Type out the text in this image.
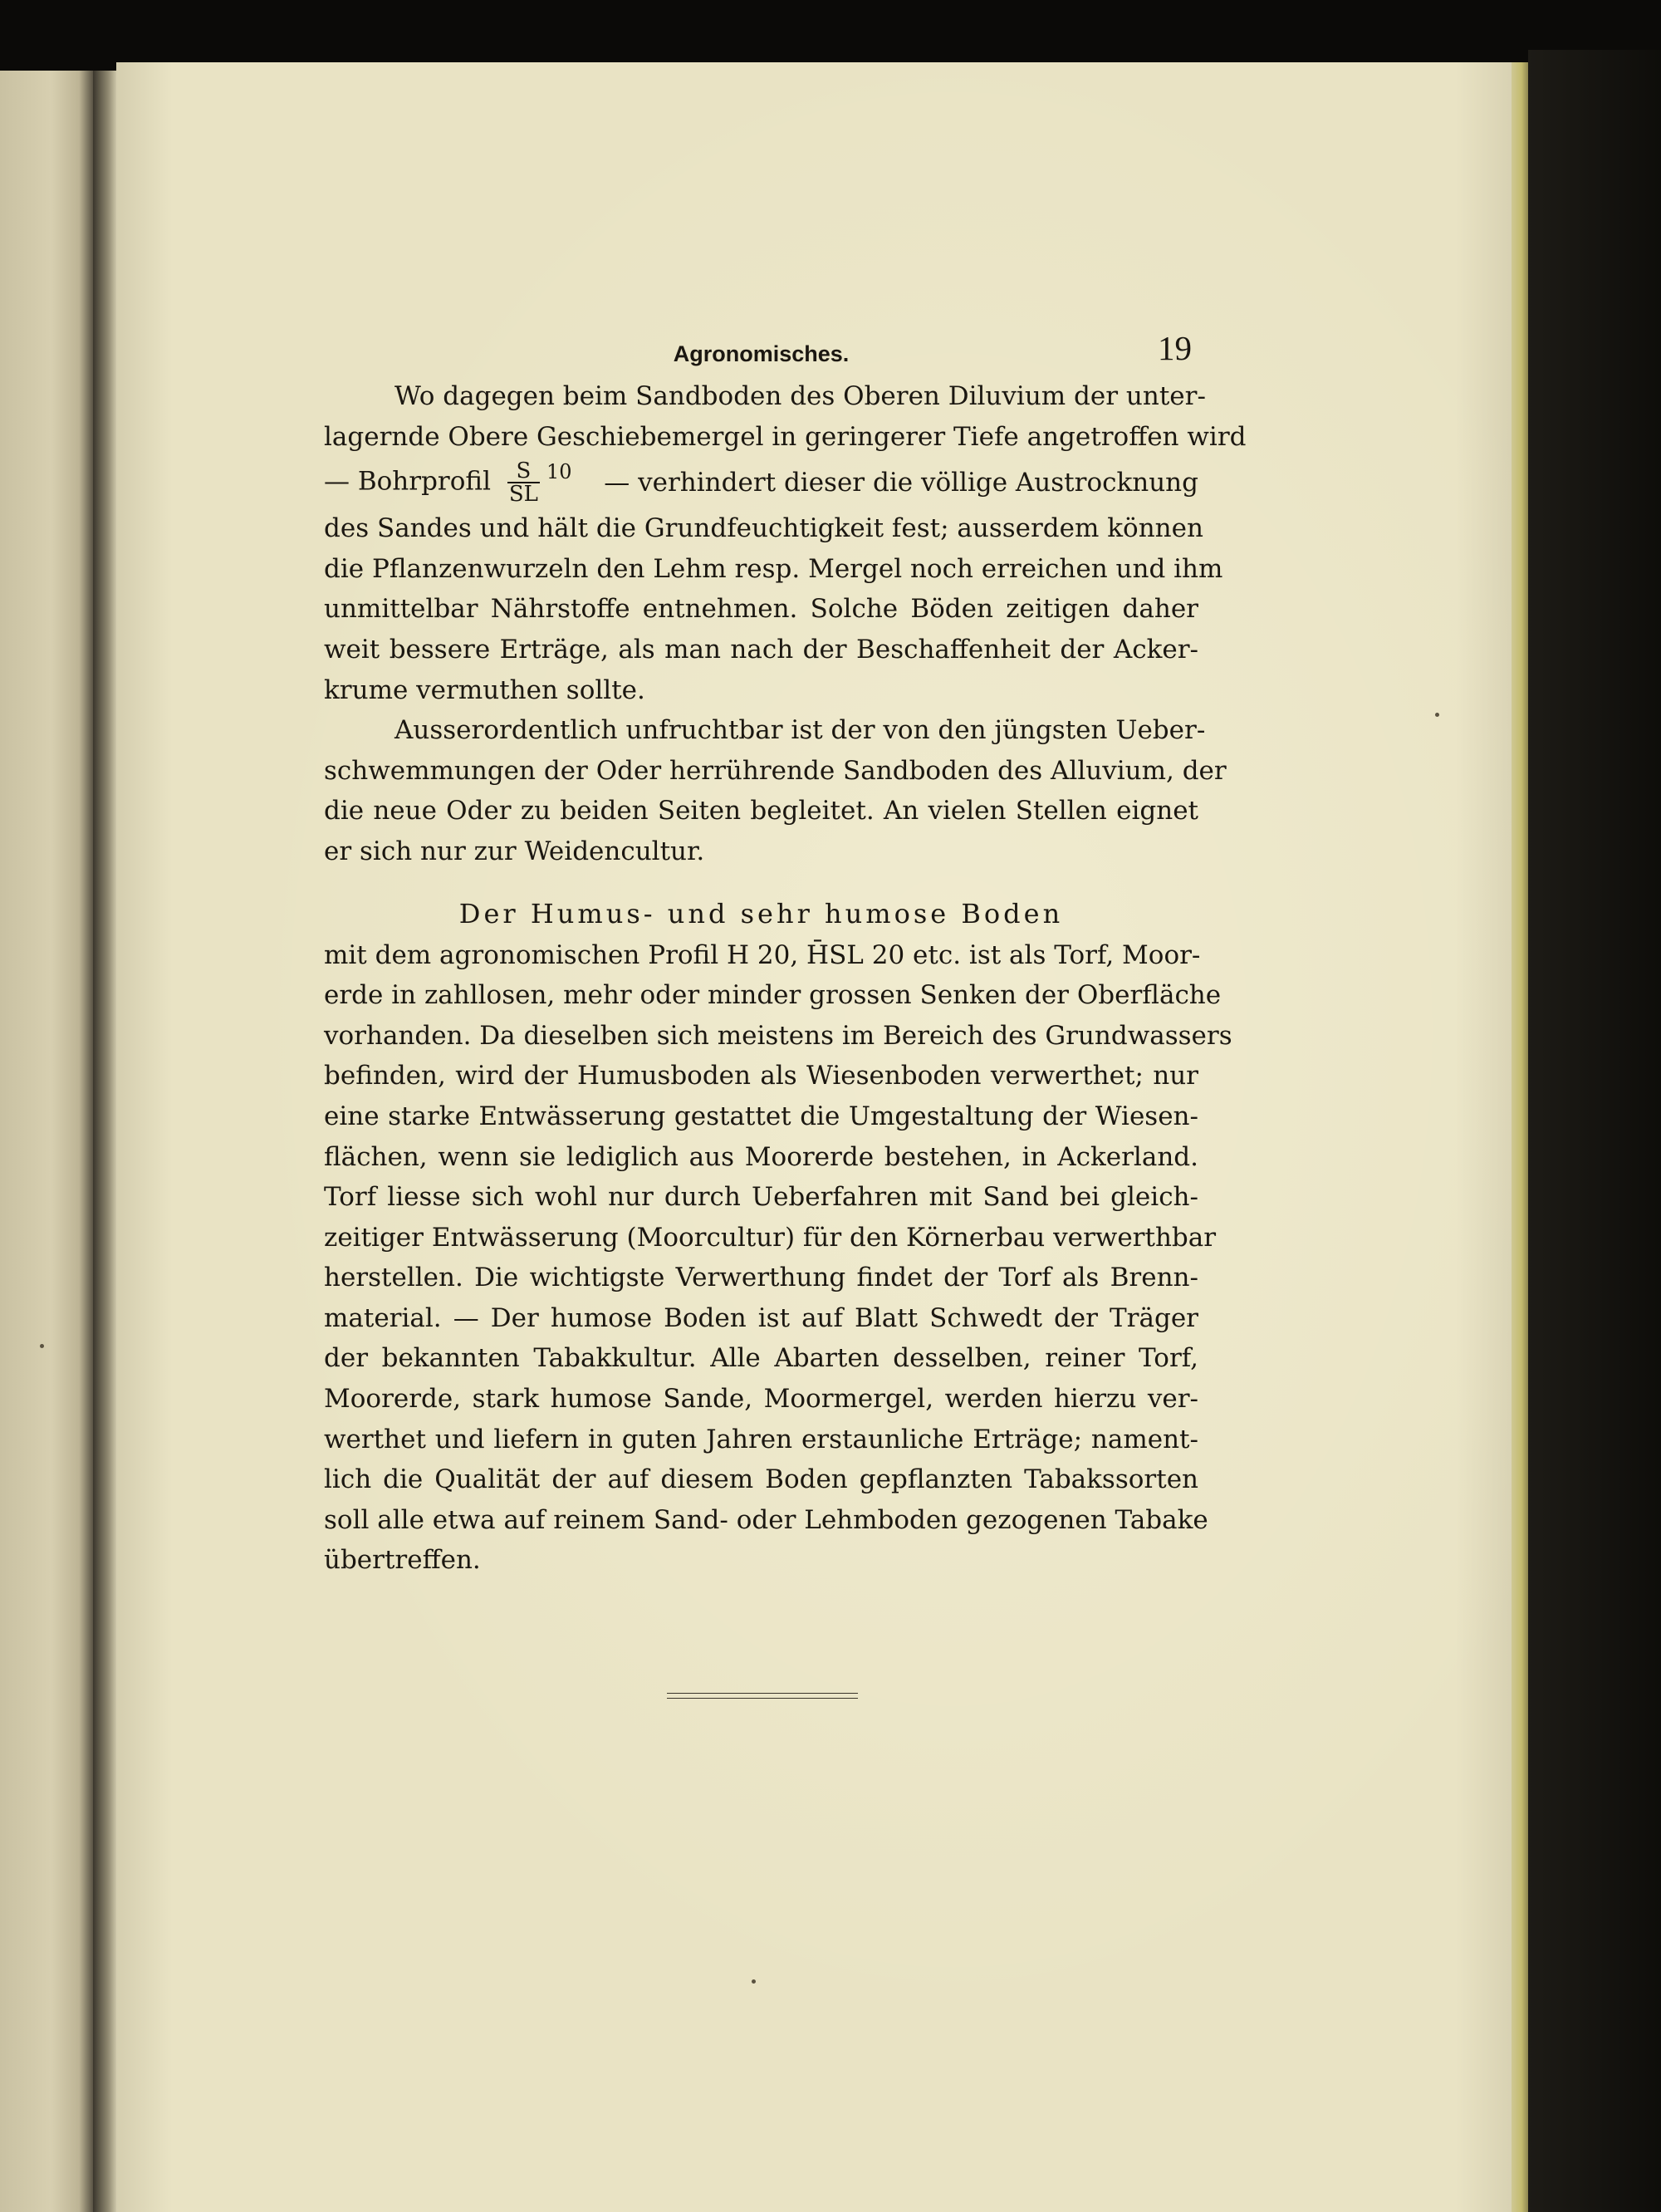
Agronomisches.	19
Wo dagegen beim Sandboden des Oberen Diluvium der unter-
lagernde Obere Geschiebemergel in geringerer Tiefe angetroffen wird
— Bohrprofil $\frac{S}{SL} ^{10}$ — verhindert dieser die völlige Austrocknung
des Sandes und hält die Grundfeuchtigkeit fest; ausserdem können
die Pflanzenwurzeln den Lehm resp. Mergel noch erreichen und ihm
unmittelbar Nährstoffe entnehmen. Solche Böden zeitigen daher
weit bessere Erträge, als man nach der Beschaffenheit der Acker-
krume vermuthen sollte.
Ausserordentlich unfruchtbar ist der von den jüngsten Ueber-
schwemmungen der Oder herrührende Sandboden des Alluvium, der
die neue Oder zu beiden Seiten begleitet. An vielen Stellen eignet
er sich nur zur Weidencultur.
Der Humus- und sehr humose Boden
mit dem agronomischen Profil H 20, H̄SL 20 etc. ist als Torf, Moor-
erde in zahllosen, mehr oder minder grossen Senken der Oberfläche
vorhanden. Da dieselben sich meistens im Bereich des Grundwassers
befinden, wird der Humusboden als Wiesenboden verwerthet; nur
eine starke Entwässerung gestattet die Umgestaltung der Wiesen-
flächen, wenn sie lediglich aus Moorerde bestehen, in Ackerland.
Torf liesse sich wohl nur durch Ueberfahren mit Sand bei gleich-
zeitiger Entwässerung (Moorcultur) für den Körnerbau verwerthbar
herstellen. Die wichtigste Verwerthung findet der Torf als Brenn-
material. — Der humose Boden ist auf Blatt Schwedt der Träger
der bekannten Tabakkultur. Alle Abarten desselben, reiner Torf,
Moorerde, stark humose Sande, Moormergel, werden hierzu ver-
werthet und liefern in guten Jahren erstaunliche Erträge; nament-
lich die Qualität der auf diesem Boden gepflanzten Tabakssorten
soll alle etwa auf reinem Sand- oder Lehmboden gezogenen Tabake
übertreffen.
